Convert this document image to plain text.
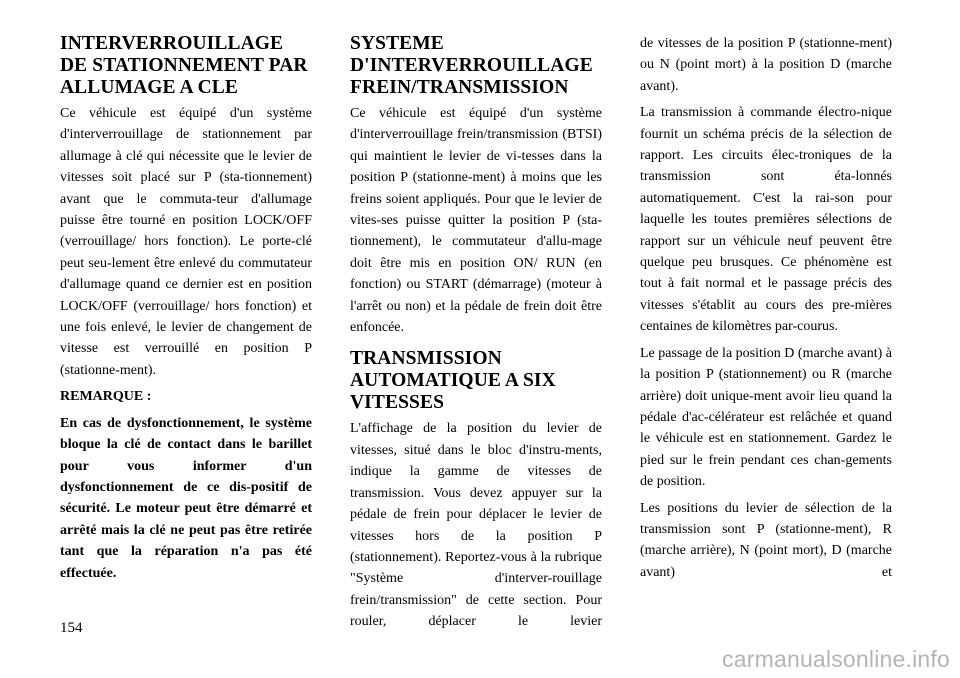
INTERVERROUILLAGE DE STATIONNEMENT PAR ALLUMAGE A CLE

Ce véhicule est équipé d'un système d'interverrouillage de stationnement par allumage à clé qui nécessite que le levier de vitesses soit placé sur P (sta-tionnement) avant que le commuta-teur d'allumage puisse être tourné en position LOCK/OFF (verrouillage/ hors fonction). Le porte-clé peut seu-lement être enlevé du commutateur d'allumage quand ce dernier est en position LOCK/OFF (verrouillage/ hors fonction) et une fois enlevé, le levier de changement de vitesse est verrouillé en position P (stationne-ment).

REMARQUE :

En cas de dysfonctionnement, le système bloque la clé de contact dans le barillet pour vous informer d'un dysfonctionnement de ce dis-positif de sécurité. Le moteur peut être démarré et arrêté mais la clé ne peut pas être retirée tant que la réparation n'a pas été effectuée.

SYSTEME D'INTERVERROUILLAGE FREIN/TRANSMISSION

Ce véhicule est équipé d'un système d'interverrouillage frein/transmission (BTSI) qui maintient le levier de vi-tesses dans la position P (stationne-ment) à moins que les freins soient appliqués. Pour que le levier de vites-ses puisse quitter la position P (sta-tionnement), le commutateur d'allu-mage doit être mis en position ON/ RUN (en fonction) ou START (démarrage) (moteur à l'arrêt ou non) et la pédale de frein doit être enfoncée.

TRANSMISSION AUTOMATIQUE A SIX VITESSES

L'affichage de la position du levier de vitesses, situé dans le bloc d'instru-ments, indique la gamme de vitesses de transmission. Vous devez appuyer sur la pédale de frein pour déplacer le levier de vitesses hors de la position P (stationnement). Reportez-vous à la rubrique "Système d'interver-rouillage frein/transmission" de cette section. Pour rouler, déplacer le levier

de vitesses de la position P (stationne-ment) ou N (point mort) à la position D (marche avant).

La transmission à commande électro-nique fournit un schéma précis de la sélection de rapport. Les circuits élec-troniques de la transmission sont éta-lonnés automatiquement. C'est la rai-son pour laquelle les toutes premières sélections de rapport sur un véhicule neuf peuvent être quelque peu brusques. Ce phénomène est tout à fait normal et le passage précis des vitesses s'établit au cours des pre-mières centaines de kilomètres par-courus.

Le passage de la position D (marche avant) à la position P (stationnement) ou R (marche arrière) doit unique-ment avoir lieu quand la pédale d'ac-célérateur est relâchée et quand le véhicule est en stationnement. Gardez le pied sur le frein pendant ces chan-gements de position.

Les positions du levier de sélection de la transmission sont P (stationne-ment), R (marche arrière), N (point mort), D (marche avant) et

154
carmanualsonline.info
